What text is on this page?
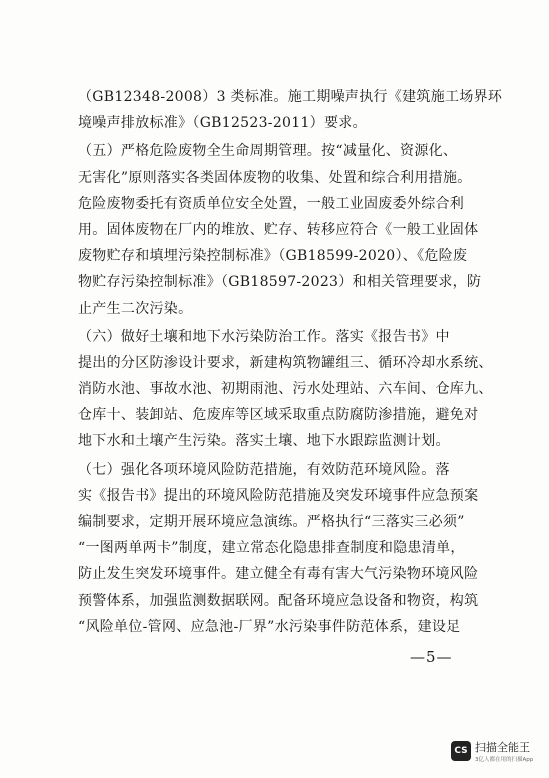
（GB12348-2008）3 类标准。施工期噪声执行《建筑施工场界环
境噪声排放标准》（GB12523-2011）要求。
（五）严格危险废物全生命周期管理。按“减量化、资源化、
无害化”原则落实各类固体废物的收集、处置和综合利用措施。
危险废物委托有资质单位安全处置，一般工业固废委外综合利
用。固体废物在厂内的堆放、贮存、转移应符合《一般工业固体
废物贮存和填埋污染控制标准》（GB18599-2020）、《危险废
物贮存污染控制标准》（GB18597-2023）和相关管理要求，防
止产生二次污染。
（六）做好土壤和地下水污染防治工作。落实《报告书》中
提出的分区防渗设计要求，新建构筑物罐组三、循环冷却水系统、
消防水池、事故水池、初期雨池、污水处理站、六车间、仓库九、
仓库十、装卸站、危废库等区域采取重点防腐防渗措施，避免对
地下水和土壤产生污染。落实土壤、地下水跟踪监测计划。
（七）强化各项环境风险防范措施，有效防范环境风险。落
实《报告书》提出的环境风险防范措施及突发环境事件应急预案
编制要求，定期开展环境应急演练。严格执行“三落实三必须”
“一图两单两卡”制度，建立常态化隐患排查制度和隐患清单，
防止发生突发环境事件。建立健全有毒有害大气污染物环境风险
预警体系，加强监测数据联网。配备环境应急设备和物资，构筑
“风险单位-管网、应急池-厂界”水污染事件防范体系，建设足
—5—
CS 扫描全能王
3亿人都在用的扫描App
